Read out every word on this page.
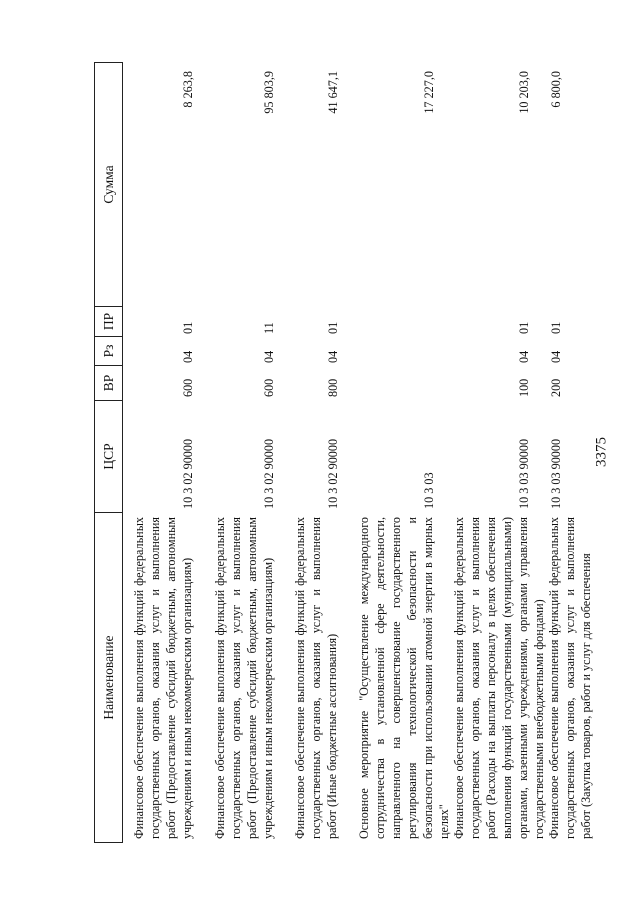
3375
Наименование
ЦСР
ВР
Рз
ПР
Сумма
Финансовое обеспечение выполнения функций федеральных государственных органов, оказания услуг и выполнения работ (Предоставление субсидий бюджетным, автономным учреждениям и иным некоммерческим организациям)
10 3 02 90000
600
04
01
8 263,8
Финансовое обеспечение выполнения функций федеральных государственных органов, оказания услуг и выполнения работ (Предоставление субсидий бюджетным, автономным учреждениям и иным некоммерческим организациям)
10 3 02 90000
600
04
11
95 803,9
Финансовое обеспечение выполнения функций федеральных государственных органов, оказания услуг и выполнения работ (Иные бюджетные ассигнования)
10 3 02 90000
800
04
01
41 647,1
Основное мероприятие "Осуществление международного сотрудничества в установленной сфере деятельности, направленного на совершенствование государственного регулирования технологической безопасности и безопасности при использовании атомной энергии в мирных целях"
10 3 03
17 227,0
Финансовое обеспечение выполнения функций федеральных государственных органов, оказания услуг и выполнения работ (Расходы на выплаты персоналу в целях обеспечения выполнения функций государственными (муниципальными) органами, казенными учреждениями, органами управления государственными внебюджетными фондами)
10 3 03 90000
100
04
01
10 203,0
Финансовое обеспечение выполнения функций федеральных государственных органов, оказания услуг и выполнения работ (Закупка товаров, работ и услуг для обеспечения
10 3 03 90000
200
04
01
6 800,0
